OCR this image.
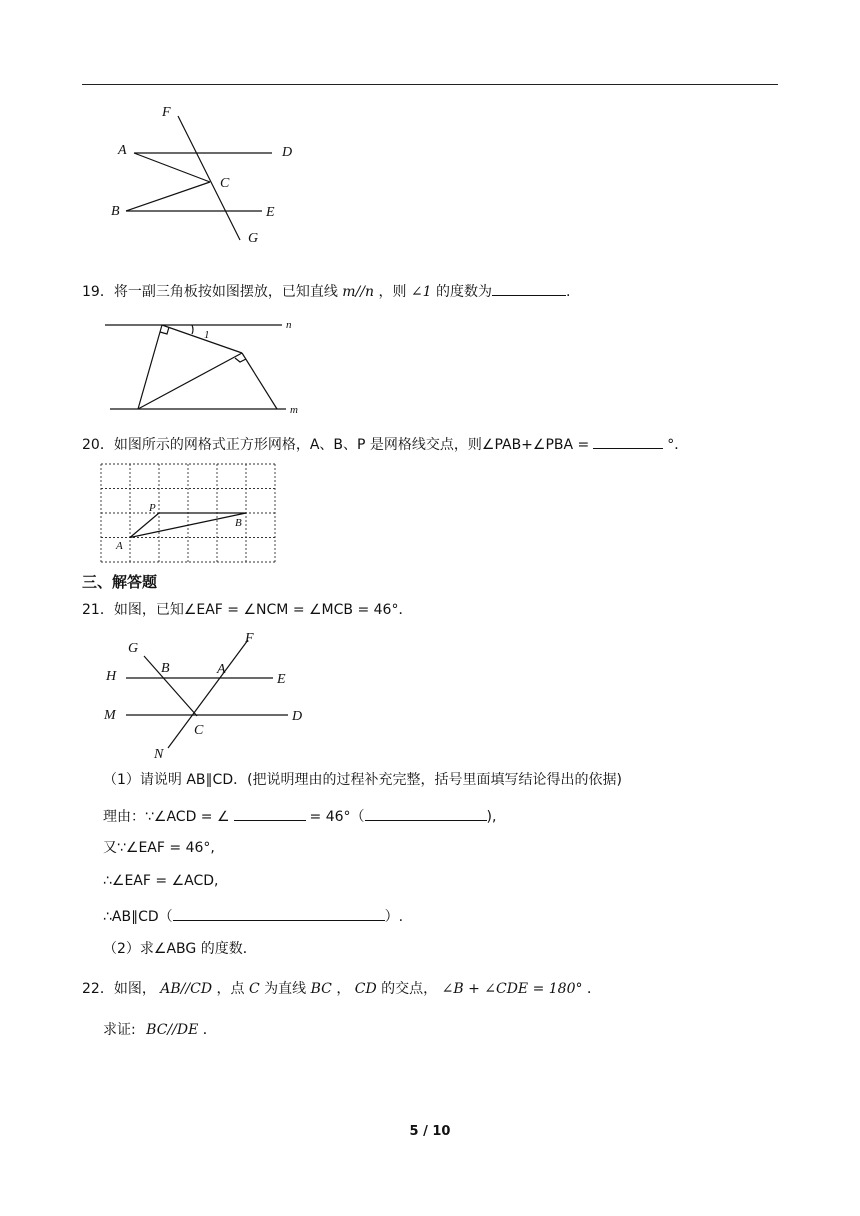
F
A	D
C
B	E
G
19．将一副三角板按如图摆放，已知直线 m//n ，则 ∠1 的度数为	.
1
n
m
20．如图所示的网格式正方形网格，A、B、P 是网格线交点，则∠PAB+∠PBA =	°．
P
B
A
三、解答题
21．如图，已知∠EAF = ∠NCM = ∠MCB = 46°．
G
F
B	A
H	E
M	D
C
N
（1）请说明 AB∥CD．(把说明理由的过程补充完整，括号里面填写结论得出的依据)
理由：∵∠ACD = ∠	= 46°（	),
又∵∠EAF = 46°,
∴∠EAF = ∠ACD,
∴AB∥CD（	）.
（2）求∠ABG 的度数．
22．如图， AB//CD ，点 C 为直线 BC ， CD 的交点， ∠B + ∠CDE = 180° ．
求证: BC//DE ．
5 / 10
